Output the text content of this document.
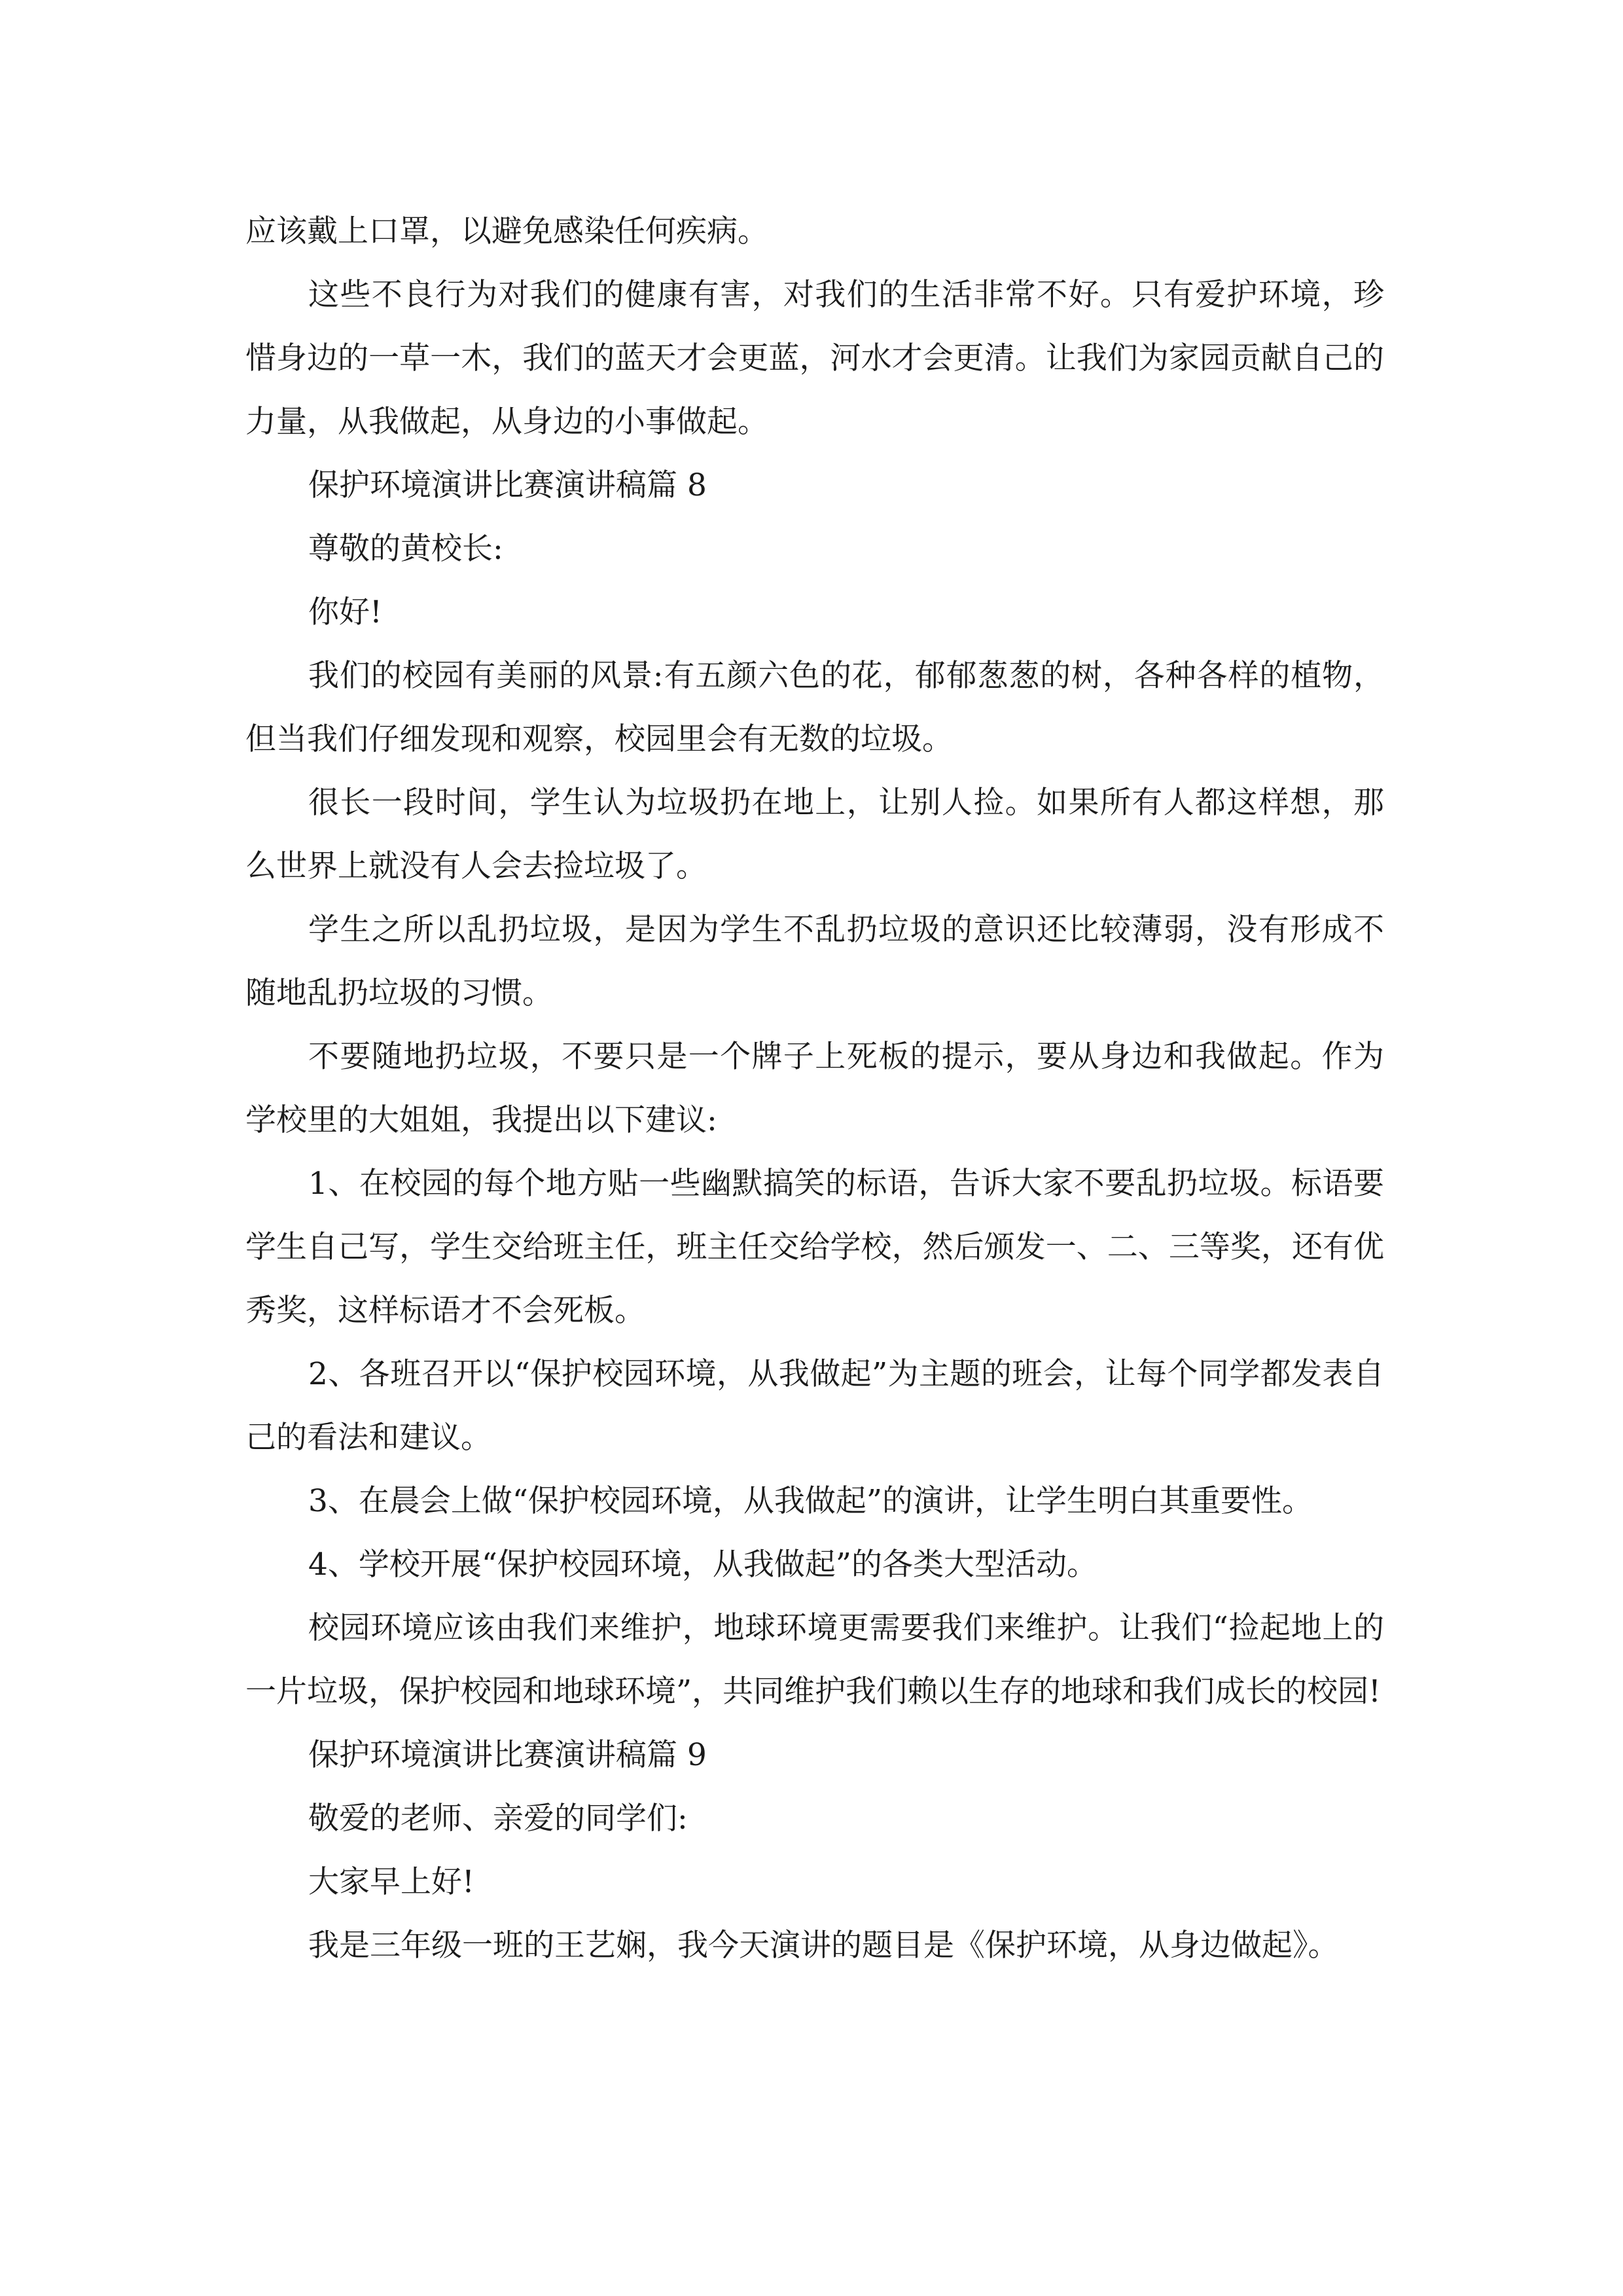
应该戴上口罩，以避免感染任何疾病。

这些不良行为对我们的健康有害，对我们的生活非常不好。只有爱护环境，珍惜身边的一草一木，我们的蓝天才会更蓝，河水才会更清。让我们为家园贡献自己的力量，从我做起，从身边的小事做起。

保护环境演讲比赛演讲稿篇 8

尊敬的黄校长:

你好!

我们的校园有美丽的风景:有五颜六色的花，郁郁葱葱的树，各种各样的植物，但当我们仔细发现和观察，校园里会有无数的垃圾。

很长一段时间，学生认为垃圾扔在地上，让别人捡。如果所有人都这样想，那么世界上就没有人会去捡垃圾了。

学生之所以乱扔垃圾，是因为学生不乱扔垃圾的意识还比较薄弱，没有形成不随地乱扔垃圾的习惯。

不要随地扔垃圾，不要只是一个牌子上死板的提示，要从身边和我做起。作为学校里的大姐姐，我提出以下建议:

1、在校园的每个地方贴一些幽默搞笑的标语，告诉大家不要乱扔垃圾。标语要学生自己写，学生交给班主任，班主任交给学校，然后颁发一、二、三等奖，还有优秀奖，这样标语才不会死板。

2、各班召开以“保护校园环境，从我做起”为主题的班会，让每个同学都发表自己的看法和建议。

3、在晨会上做“保护校园环境，从我做起”的演讲，让学生明白其重要性。

4、学校开展“保护校园环境，从我做起”的各类大型活动。

校园环境应该由我们来维护，地球环境更需要我们来维护。让我们“捡起地上的一片垃圾，保护校园和地球环境”，共同维护我们赖以生存的地球和我们成长的校园!

保护环境演讲比赛演讲稿篇 9

敬爱的老师、亲爱的同学们:

大家早上好!

我是三年级一班的王艺娴，我今天演讲的题目是《保护环境，从身边做起》。
